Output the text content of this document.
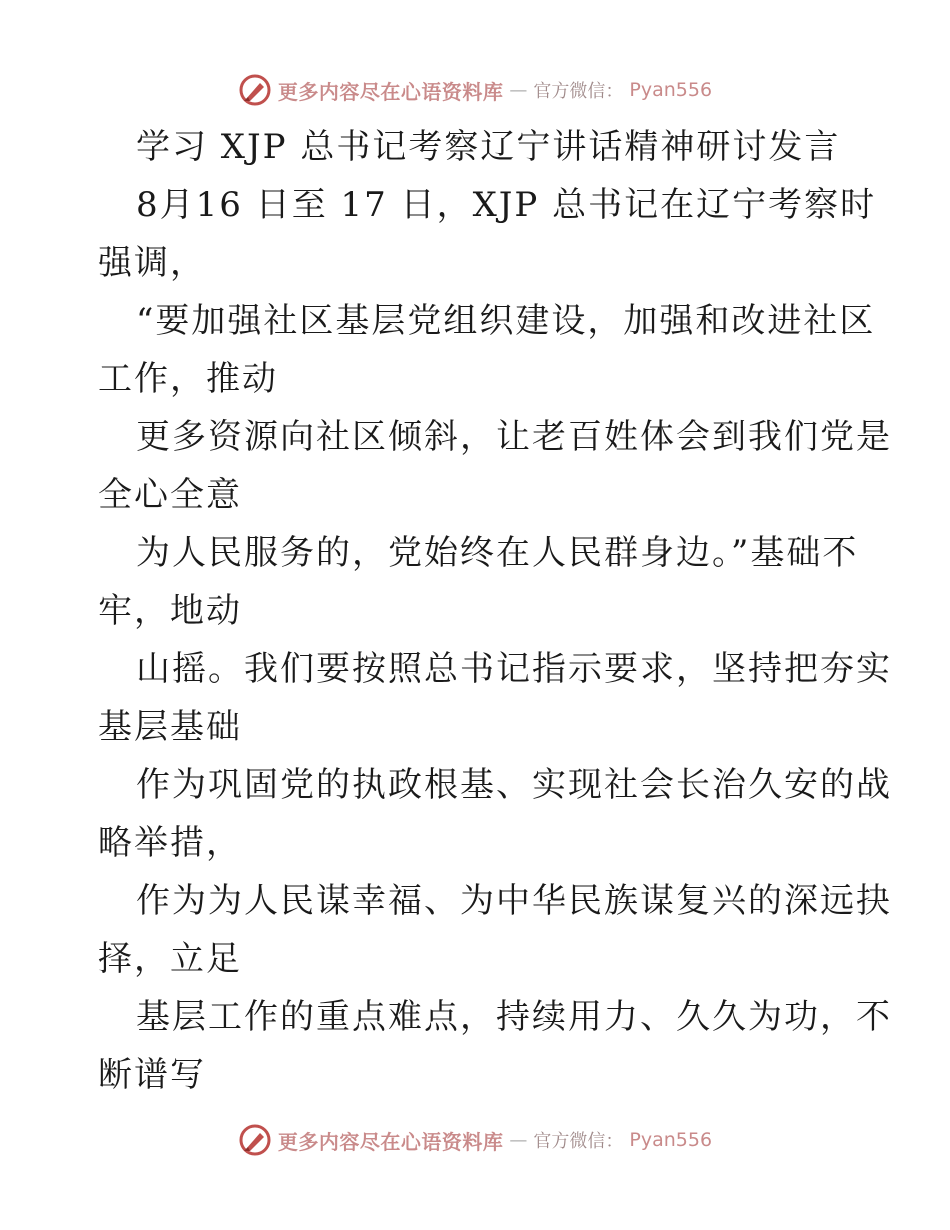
更多内容尽在心语资料库 — 官方微信： Pyan556
学习 XJP 总书记考察辽宁讲话精神研讨发言
8月16 日至 17 日，XJP 总书记在辽宁考察时
强调，
“要加强社区基层党组织建设，加强和改进社区
工作，推动
更多资源向社区倾斜，让老百姓体会到我们党是
全心全意
为人民服务的，党始终在人民群身边。”基础不
牢，地动
山摇。我们要按照总书记指示要求，坚持把夯实
基层基础
作为巩固党的执政根基、实现社会长治久安的战
略举措，
作为为人民谋幸福、为中华民族谋复兴的深远抉
择，立足
基层工作的重点难点，持续用力、久久为功，不
断谱写
更多内容尽在心语资料库 — 官方微信： Pyan556
